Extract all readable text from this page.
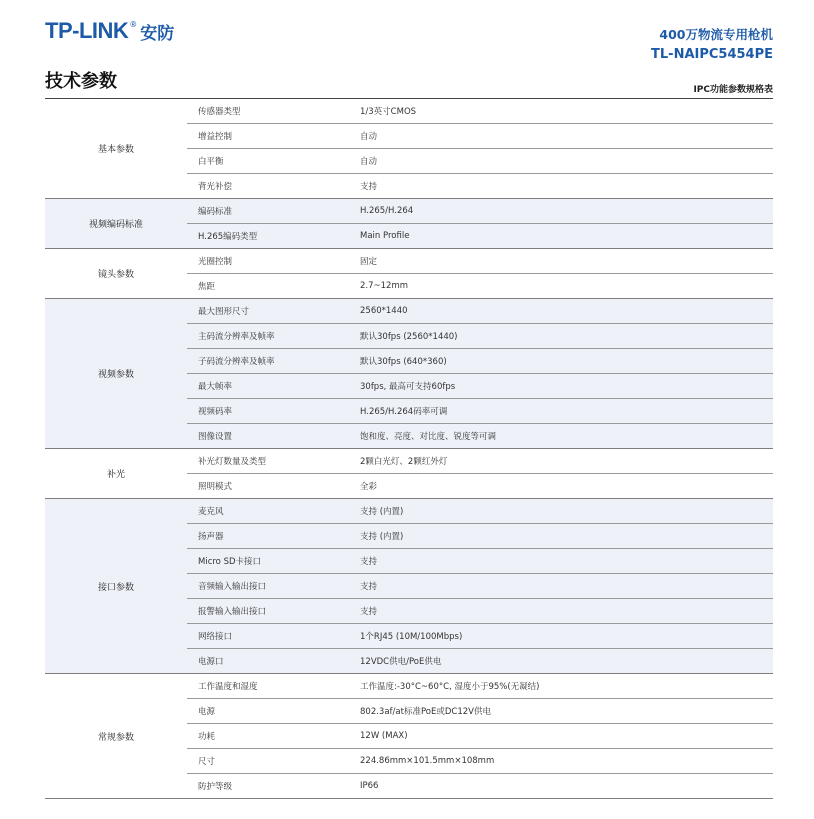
TP-LINK ® 安防	400万物流专用枪机
TL-NAIPC5454PE
技术参数	IPC功能参数规格表
基本参数
传感器类型	1/3英寸CMOS
增益控制	自动
白平衡	自动
背光补偿	支持
视频编码标准
编码标准	H.265/H.264
H.265编码类型	Main Profile
镜头参数
光圈控制	固定
焦距	2.7~12mm
视频参数
最大图形尺寸	2560*1440
主码流分辨率及帧率	默认30fps (2560*1440)
子码流分辨率及帧率	默认30fps (640*360)
最大帧率	30fps, 最高可支持60fps
视频码率	H.265/H.264码率可调
图像设置	饱和度、亮度、对比度、锐度等可调
补光
补光灯数量及类型	2颗白光灯、2颗红外灯
照明模式	全彩
接口参数
麦克风	支持 (内置)
扬声器	支持 (内置)
Micro SD卡接口	支持
音频输入输出接口	支持
报警输入输出接口	支持
网络接口	1个RJ45 (10M/100Mbps)
电源口	12VDC供电/PoE供电
常规参数
工作温度和湿度	工作温度:-30°C~60°C, 湿度小于95%(无凝结)
电源	802.3af/at标准PoE或DC12V供电
功耗	12W (MAX)
尺寸	224.86mm×101.5mm×108mm
防护等级	IP66
